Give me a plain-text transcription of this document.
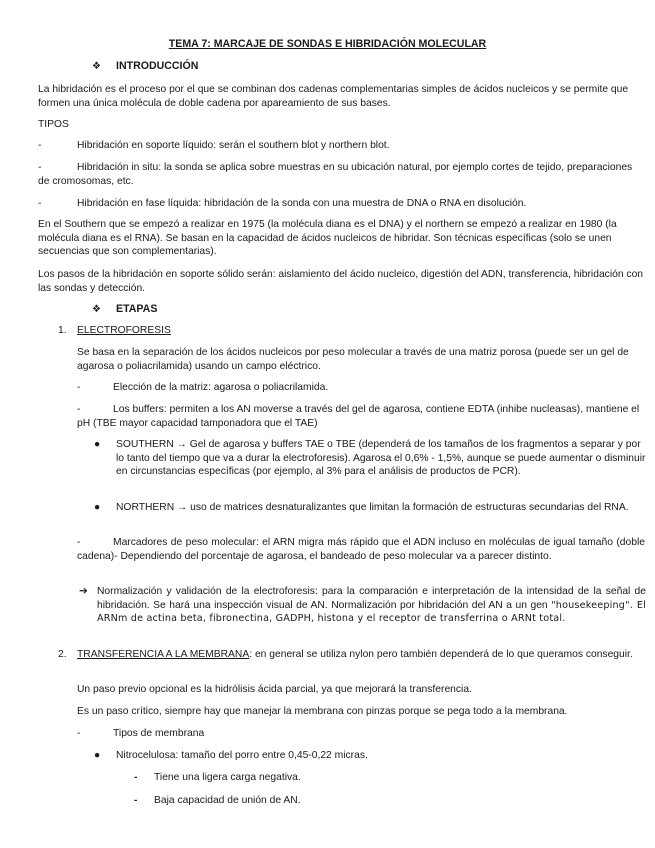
TEMA 7: MARCAJE DE SONDAS E HIBRIDACIÓN MOLECULAR
❖ INTRODUCCIÓN

La hibridación es el proceso por el que se combinan dos cadenas complementarias simples de ácidos nucleicos y se permite que formen una única molécula de doble cadena por apareamiento de sus bases.

TIPOS

-	Hibridación en soporte líquido: serán el southern blot y northern blot.
-	Hibridación in situ: la sonda se aplica sobre muestras en su ubicación natural, por ejemplo cortes de tejido, preparaciones de cromosomas, etc.
-	Hibridación en fase líquida: hibridación de la sonda con una muestra de DNA o RNA en disolución.

En el Southern que se empezó a realizar en 1975 (la molécula diana es el DNA) y el northern se empezó a realizar en 1980 (la molécula diana es el RNA). Se basan en la capacidad de ácidos nucleicos de hibridar. Son técnicas específicas (solo se unen secuencias que son complementarias).

Los pasos de la hibridación en soporte sólido serán: aislamiento del ácido nucleico, digestión del ADN, transferencia, hibridación con las sondas y detección.

❖ ETAPAS
1. ELECTROFORESIS

Se basa en la separación de los ácidos nucleicos por peso molecular a través de una matriz porosa (puede ser un gel de agarosa o poliacrilamida) usando un campo eléctrico.

-	Elección de la matriz: agarosa o poliacrilamida.
-	Los buffers: permiten a los AN moverse a través del gel de agarosa, contiene EDTA (inhibe nucleasas), mantiene el pH (TBE mayor capacidad tamponadora que el TAE)
● SOUTHERN → Gel de agarosa y buffers TAE o TBE (dependerá de los tamaños de los fragmentos a separar y por lo tanto del tiempo que va a durar la electroforesis). Agarosa el 0,6% - 1,5%, aunque se puede aumentar o disminuir en circunstancias específicas (por ejemplo, al 3% para el análisis de productos de PCR).
● NORTHERN → uso de matrices desnaturalizantes que limitan la formación de estructuras secundarias del RNA.
-	Marcadores de peso molecular: el ARN migra más rápido que el ADN incluso en moléculas de igual tamaño (doble cadena)- Dependiendo del porcentaje de agarosa, el bandeado de peso molecular va a parecer distinto.
➔ Normalización y validación de la electroforesis: para la comparación e interpretación de la intensidad de la señal de hibridación. Se hará una inspección visual de AN. Normalización por hibridación del AN a un gen "housekeeping". El ARNm de actina beta, fibronectina, GADPH, histona y el receptor de transferrina o ARNt total.
2. TRANSFERENCIA A LA MEMBRANA: en general se utiliza nylon pero también dependerá de lo que queramos conseguir.

Un paso previo opcional es la hidrólisis ácida parcial, ya que mejorará la transferencia.

Es un paso crítico, siempre hay que manejar la membrana con pinzas porque se pega todo a la membrana.

-	Tipos de membrana
● Nitrocelulosa: tamaño del porro entre 0,45-0,22 micras.
- Tiene una ligera carga negativa.
- Baja capacidad de unión de AN.
